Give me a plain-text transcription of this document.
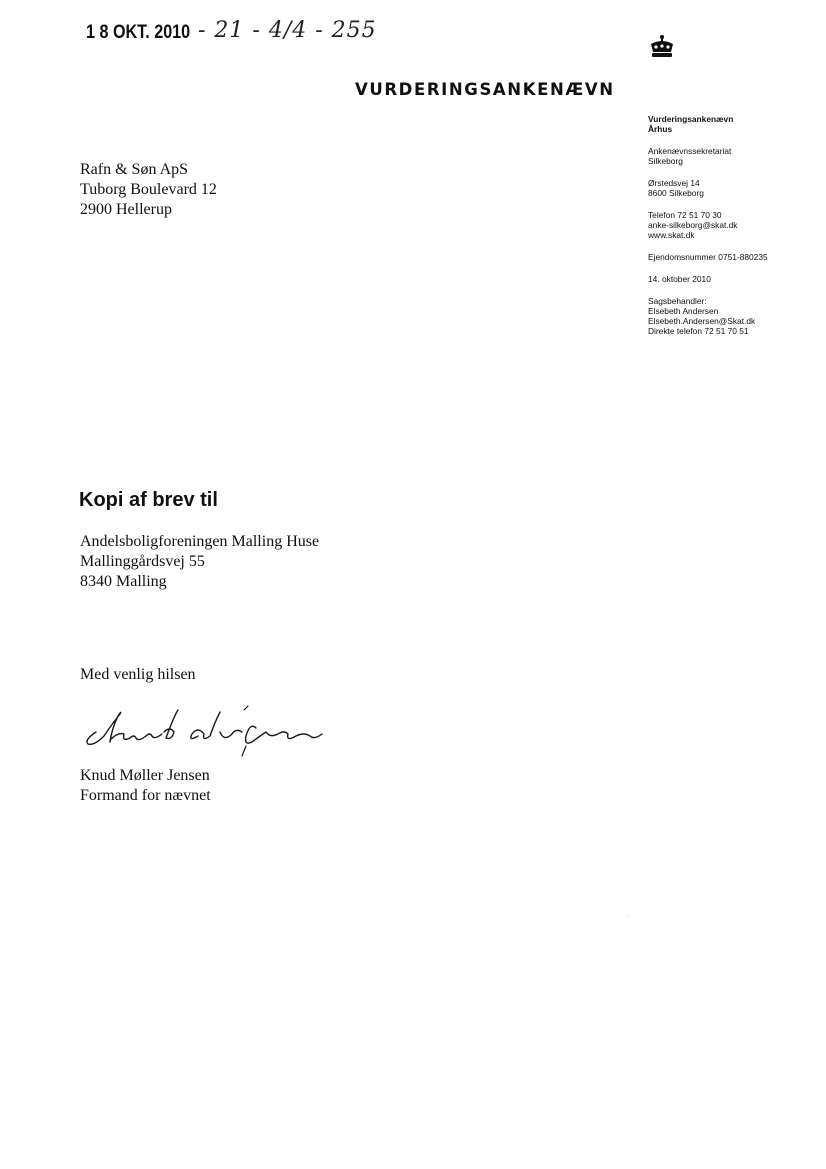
1 8 OKT. 2010 - 21 - 4/4 - 255
VURDERINGSANKENÆVN
Vurderingsankenævn
Århus
Ankenævnssekretariat
Silkeborg
Ørstedsvej 14
8600 Silkeborg
Telefon 72 51 70 30
anke-silkeborg@skat.dk
www.skat.dk
Ejendomsnummer 0751-880235
14. oktober 2010
Sagsbehandler:
Elsebeth Andersen
Elsebeth.Andersen@Skat.dk
Direkte telefon 72 51 70 51
Rafn & Søn ApS
Tuborg Boulevard 12
2900 Hellerup
Kopi af brev til
Andelsboligforeningen Malling Huse
Mallinggårdsvej 55
8340 Malling
Med venlig hilsen
Knud Møller Jensen
Formand for nævnet
